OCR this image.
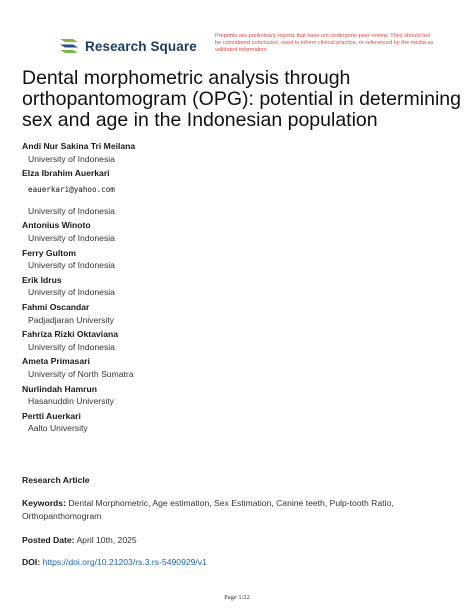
Research Square
Preprints are preliminary reports that have not undergone peer review. They should not be considered conclusive, used to inform clinical practice, or referenced by the media as validated information.
Dental morphometric analysis through orthopantomogram (OPG): potential in determining sex and age in the Indonesian population
Andi Nur Sakina Tri Meilana
University of Indonesia
Elza Ibrahim Auerkari
eauerkari@yahoo.com
University of Indonesia
Antonius Winoto
University of Indonesia
Ferry Gultom
University of Indonesia
Erik Idrus
University of Indonesia
Fahmi Oscandar
Padjadjaran University
Fahriza Rizki Oktaviana
University of Indonesia
Ameta Primasari
University of North Sumatra
Nurlindah Hamrun
Hasanuddin University
Pertti Auerkari
Aalto University
Research Article
Keywords: Dental Morphometric, Age estimation, Sex Estimation, Canine teeth, Pulp-tooth Ratio, Orthopanthomogram
Posted Date: April 10th, 2025
DOI: https://doi.org/10.21203/rs.3.rs-5490929/v1
Page 1/22
